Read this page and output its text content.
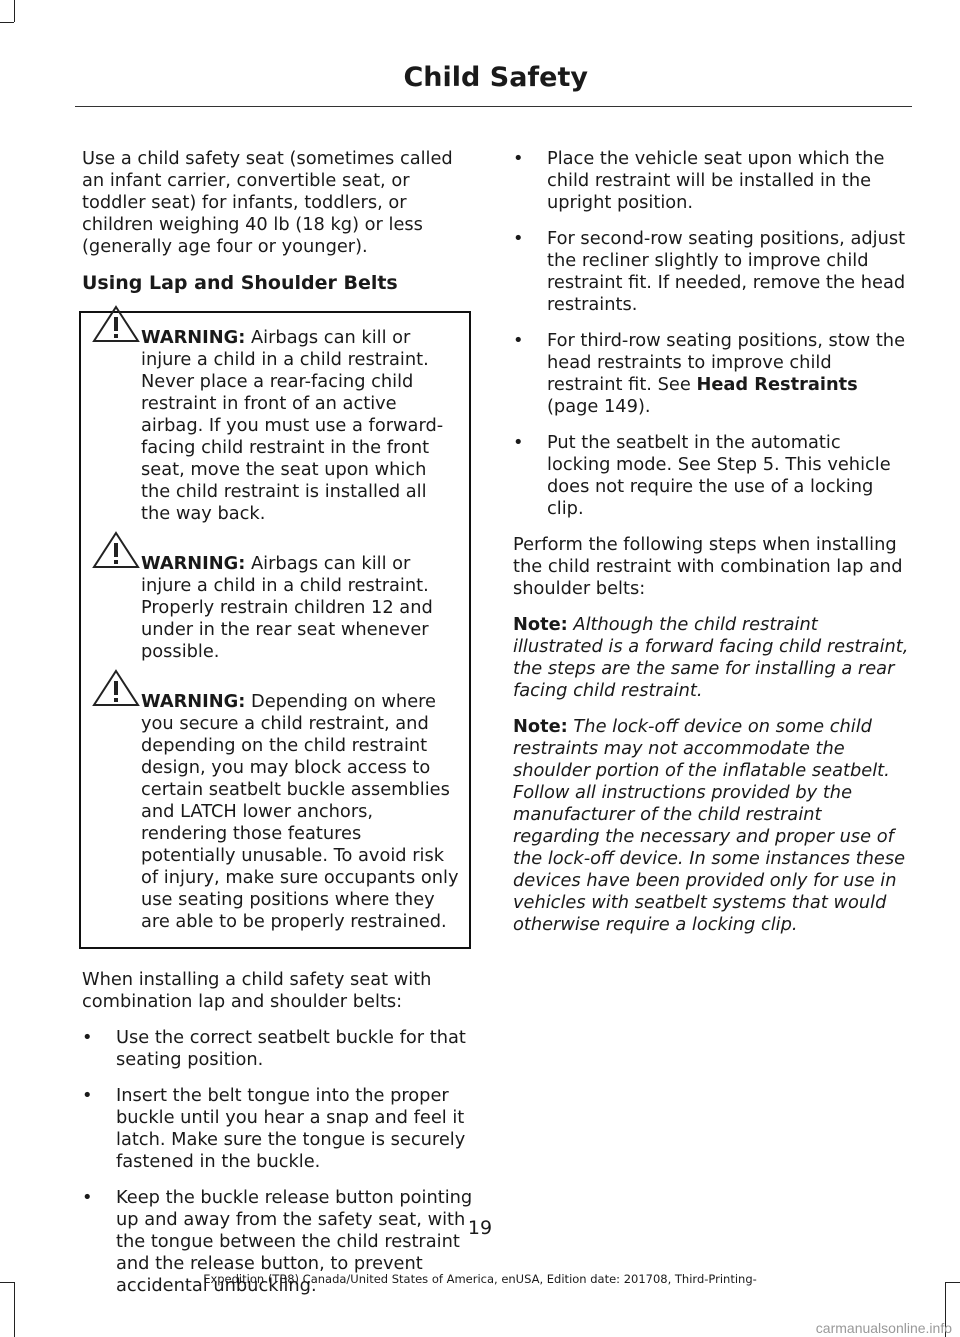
Child Safety

Use a child safety seat (sometimes called an infant carrier, convertible seat, or toddler seat) for infants, toddlers, or children weighing 40 lb (18 kg) or less (generally age four or younger).

Using Lap and Shoulder Belts
WARNING: Airbags can kill or injure a child in a child restraint. Never place a rear-facing child restraint in front of an active airbag. If you must use a forward-facing child restraint in the front seat, move the seat upon which the child restraint is installed all the way back.
WARNING: Airbags can kill or injure a child in a child restraint. Properly restrain children 12 and under in the rear seat whenever possible.
WARNING: Depending on where you secure a child restraint, and depending on the child restraint design, you may block access to certain seatbelt buckle assemblies and LATCH lower anchors, rendering those features potentially unusable. To avoid risk of injury, make sure occupants only use seating positions where they are able to be properly restrained.

When installing a child safety seat with combination lap and shoulder belts:

• Use the correct seatbelt buckle for that seating position.
• Insert the belt tongue into the proper buckle until you hear a snap and feel it latch. Make sure the tongue is securely fastened in the buckle.
• Keep the buckle release button pointing up and away from the safety seat, with the tongue between the child restraint and the release button, to prevent accidental unbuckling.
• Place the vehicle seat upon which the child restraint will be installed in the upright position.
• For second-row seating positions, adjust the recliner slightly to improve child restraint fit. If needed, remove the head restraints.
• For third-row seating positions, stow the head restraints to improve child restraint fit. See Head Restraints (page 149).
• Put the seatbelt in the automatic locking mode. See Step 5. This vehicle does not require the use of a locking clip.

Perform the following steps when installing the child restraint with combination lap and shoulder belts:

Note: Although the child restraint illustrated is a forward facing child restraint, the steps are the same for installing a rear facing child restraint.

Note: The lock-off device on some child restraints may not accommodate the shoulder portion of the inflatable seatbelt. Follow all instructions provided by the manufacturer of the child restraint regarding the necessary and proper use of the lock-off device. In some instances these devices have been provided only for use in vehicles with seatbelt systems that would otherwise require a locking clip.

19
Expedition (TB8) Canada/United States of America, enUSA, Edition date: 201708, Third-Printing-
carmanualsonline.info
